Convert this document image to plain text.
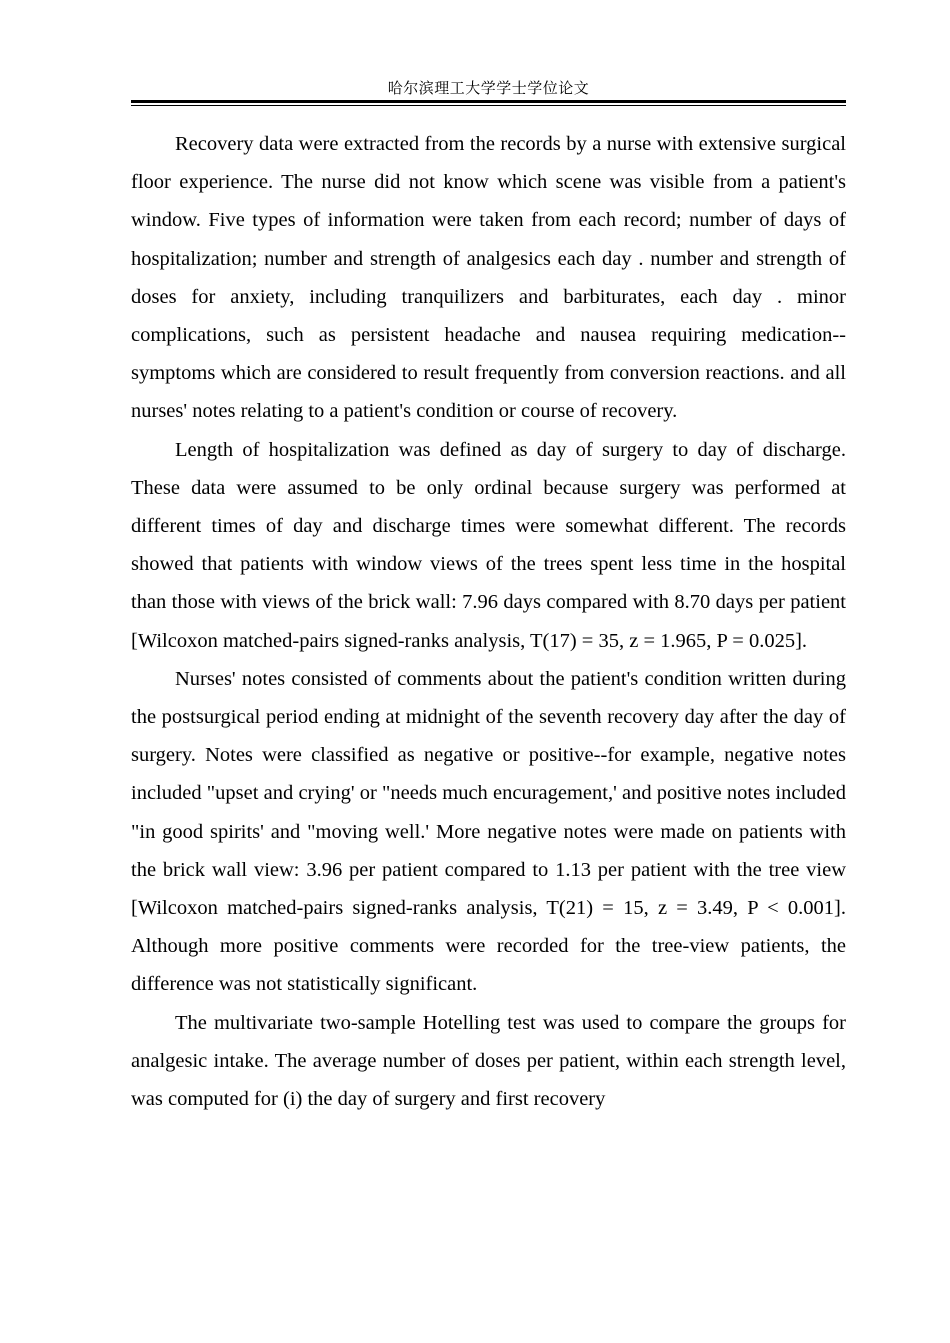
哈尔滨理工大学学士学位论文

Recovery data were extracted from the records by a nurse with extensive surgical floor experience. The nurse did not know which scene was visible from a patient's window. Five types of information were taken from each record; number of days of hospitalization; number and strength of analgesics each day . number and strength of doses for anxiety, including tranquilizers and barbiturates, each day . minor complications, such as persistent headache and nausea requiring medication--symptoms which are considered to result frequently from conversion reactions. and all nurses' notes relating to a patient's condition or course of recovery.

Length of hospitalization was defined as day of surgery to day of discharge. These data were assumed to be only ordinal because surgery was performed at different times of day and discharge times were somewhat different. The records showed that patients with window views of the trees spent less time in the hospital than those with views of the brick wall: 7.96 days compared with 8.70 days per patient [Wilcoxon matched-pairs signed-ranks analysis, T(17) = 35, z = 1.965, P = 0.025].

Nurses' notes consisted of comments about the patient's condition written during the postsurgical period ending at midnight of the seventh recovery day after the day of surgery. Notes were classified as negative or positive--for example, negative notes included "upset and crying' or "needs much encuragement,' and positive notes included "in good spirits' and "moving well.' More negative notes were made on patients with the brick wall view: 3.96 per patient compared to 1.13 per patient with the tree view [Wilcoxon matched-pairs signed-ranks analysis, T(21) = 15, z = 3.49, P < 0.001]. Although more positive comments were recorded for the tree-view patients, the difference was not statistically significant.

The multivariate two-sample Hotelling test was used to compare the groups for analgesic intake. The average number of doses per patient, within each strength level, was computed for (i) the day of surgery and first recovery
